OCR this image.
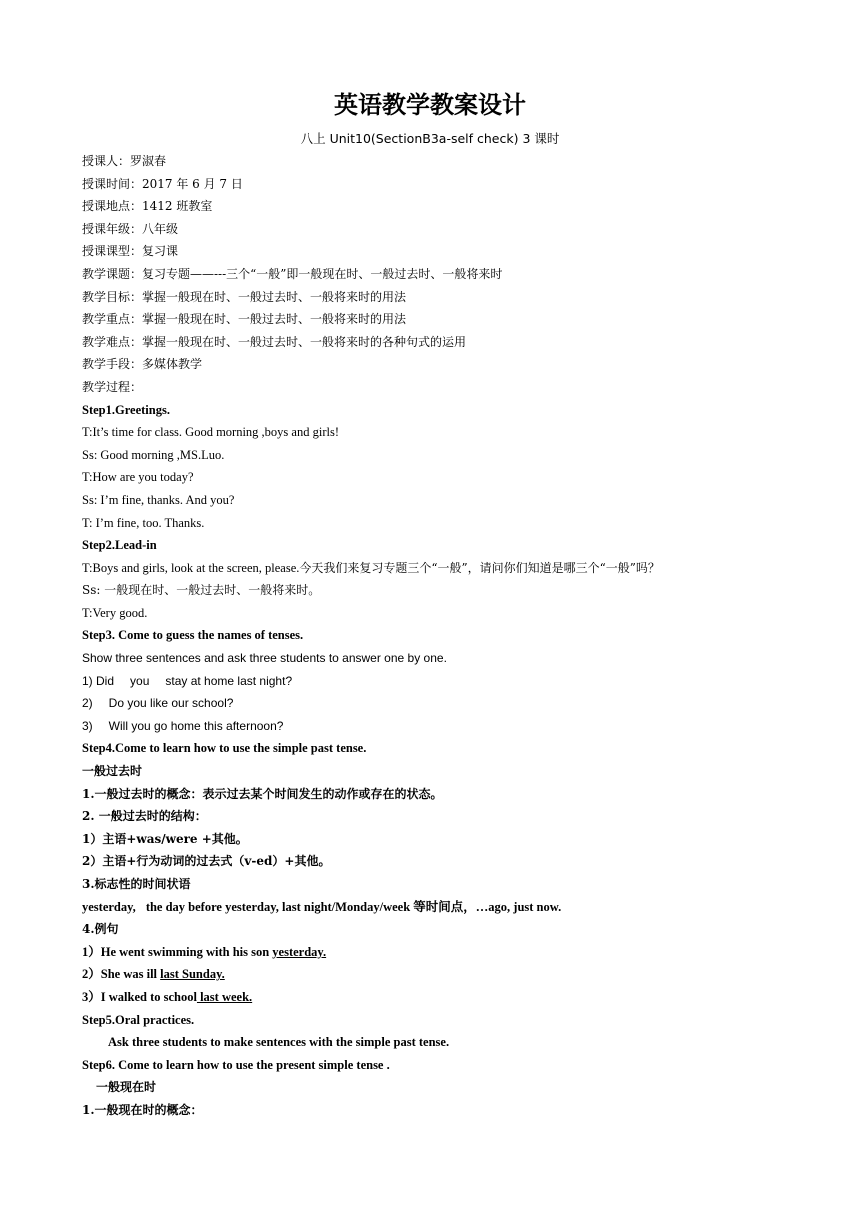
英语教学教案设计
八上 Unit10(SectionB3a-self check) 3 课时
授课人：罗淑春
授课时间：2017 年 6 月 7 日
授课地点：1412 班教室
授课年级：八年级
授课课型：复习课
教学课题：复习专题——---三个“一般”即一般现在时、一般过去时、一般将来时
教学目标：掌握一般现在时、一般过去时、一般将来时的用法
教学重点：掌握一般现在时、一般过去时、一般将来时的用法
教学难点：掌握一般现在时、一般过去时、一般将来时的各种句式的运用
教学手段：多媒体教学
教学过程：
Step1.Greetings.
T:It’s time for class. Good morning ,boys and girls!
Ss: Good morning ,MS.Luo.
T:How are you today?
Ss: I’m fine, thanks. And you?
T: I’m fine, too. Thanks.
Step2.Lead-in
T:Boys and girls, look at the screen, please.今天我们来复习专题三个“一般”，请问你们知道是哪三个“一般”吗？
Ss: 一般现在时、一般过去时、一般将来时。
T:Very good.
Step3. Come to guess the names of tenses.
Show three sentences and ask three students to answer one by one.
1) Did you stay at home last night?
2) Do you like our school?
3) Will you go home this afternoon?
Step4.Come to learn how to use the simple past tense.
一般过去时
1.一般过去时的概念：表示过去某个时间发生的动作或存在的状态。
2. 一般过去时的结构：
1）主语+was/were +其他。
2）主语+行为动词的过去式（v-ed）+其他。
3.标志性的时间状语
yesterday, the day before yesterday, last night/Monday/week 等时间点，…ago, just now.
4.例句
1）He went swimming with his son yesterday.
2）She was ill last Sunday.
3）I walked to school last week.
Step5.Oral practices.
Ask three students to make sentences with the simple past tense.
Step6. Come to learn how to use the present simple tense .
一般现在时
1.一般现在时的概念：
